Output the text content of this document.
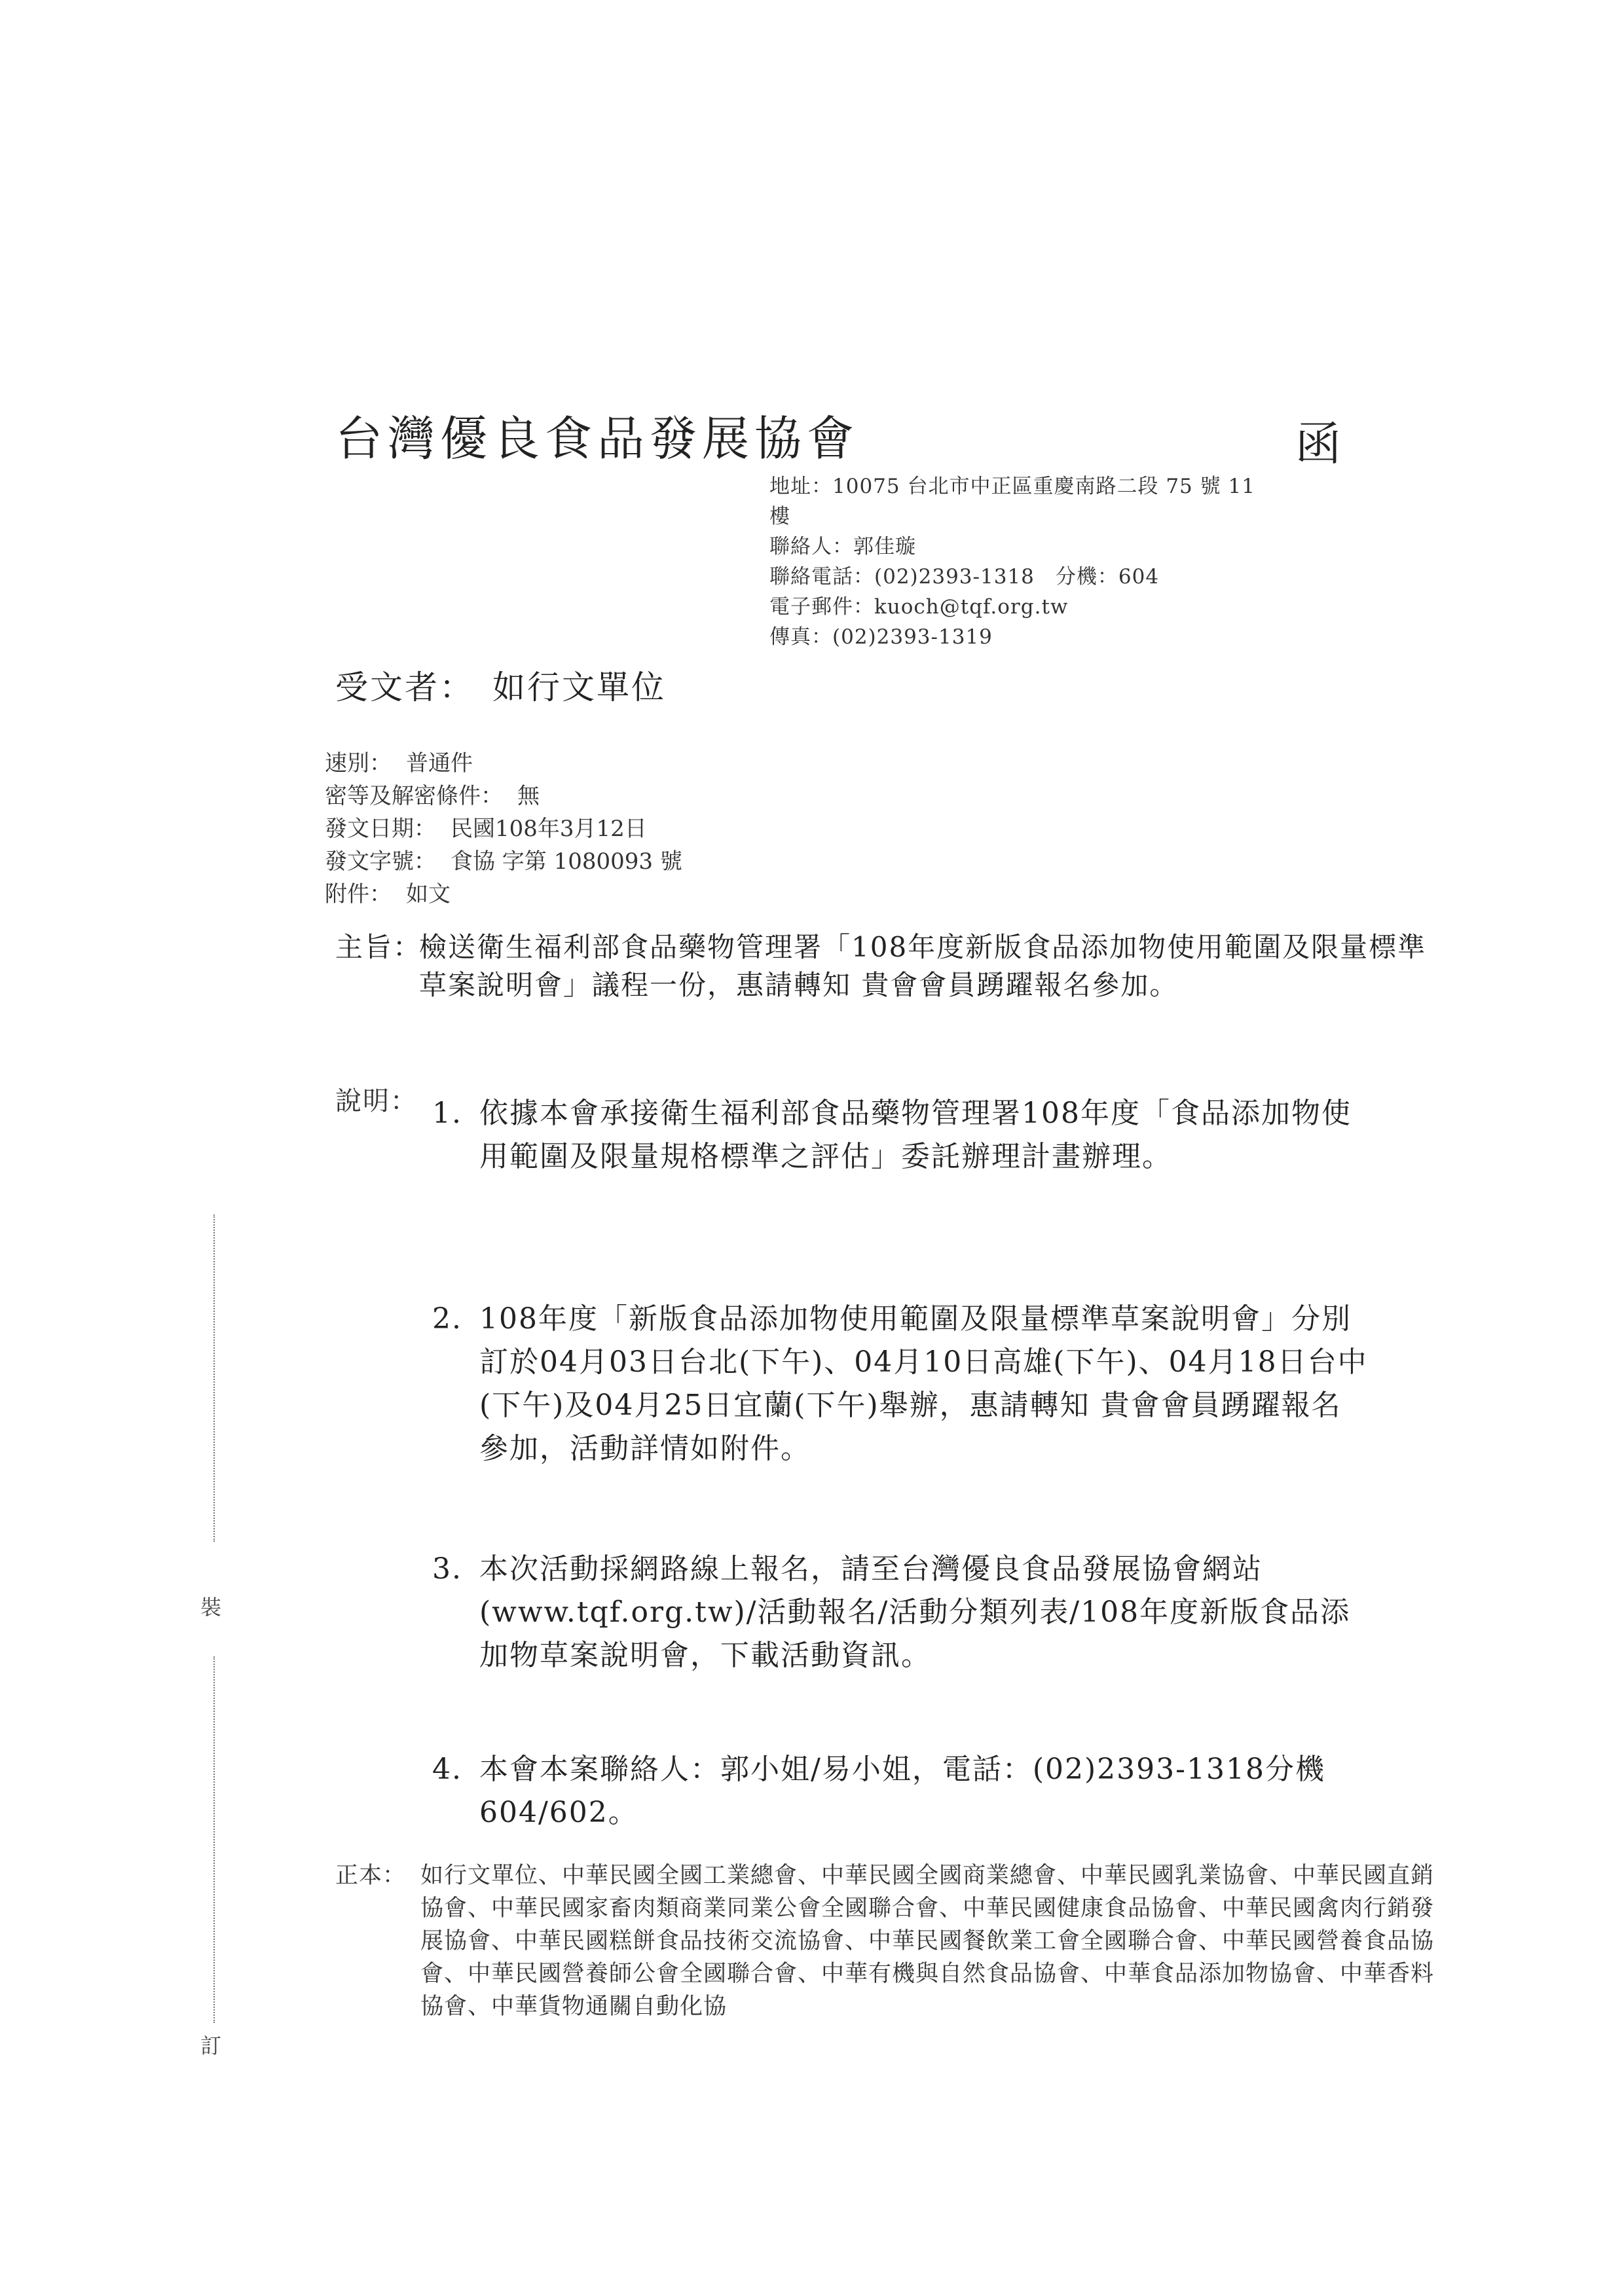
台灣優良食品發展協會	函
地址：10075 台北市中正區重慶南路二段 75 號 11
樓
聯絡人：郭佳璇
聯絡電話：(02)2393-1318　分機：604
電子郵件：kuoch@tqf.org.tw
傳真：(02)2393-1319
受文者： 如行文單位
速別： 普通件
密等及解密條件： 無
發文日期： 民國108年3月12日
發文字號： 食協 字第 1080093 號
附件： 如文
主旨：
檢送衛生福利部食品藥物管理署「108年度新版食品添加物使用範圍及限量標準草案說明會」議程一份，惠請轉知 貴會會員踴躍報名參加。
說明： 1. 依據本會承接衛生福利部食品藥物管理署108年度「食品添加物使用範圍及限量規格標準之評估」委託辦理計畫辦理。
2. 108年度「新版食品添加物使用範圍及限量標準草案說明會」分別訂於04月03日台北(下午)、04月10日高雄(下午)、04月18日台中(下午)及04月25日宜蘭(下午)舉辦，惠請轉知 貴會會員踴躍報名參加，活動詳情如附件。
3. 本次活動採網路線上報名，請至台灣優良食品發展協會網站(www.tqf.org.tw)/活動報名/活動分類列表/108年度新版食品添加物草案說明會，下載活動資訊。
4. 本會本案聯絡人：郭小姐/易小姐，電話：(02)2393-1318分機604/602。
正本： 如行文單位、中華民國全國工業總會、中華民國全國商業總會、中華民國乳業協會、中華民國直銷協會、中華民國家畜肉類商業同業公會全國聯合會、中華民國健康食品協會、中華民國禽肉行銷發展協會、中華民國糕餅食品技術交流協會、中華民國餐飲業工會全國聯合會、中華民國營養食品協會、中華民國營養師公會全國聯合會、中華有機與自然食品協會、中華食品添加物協會、中華香料協會、中華貨物通關自動化協
裝
訂
